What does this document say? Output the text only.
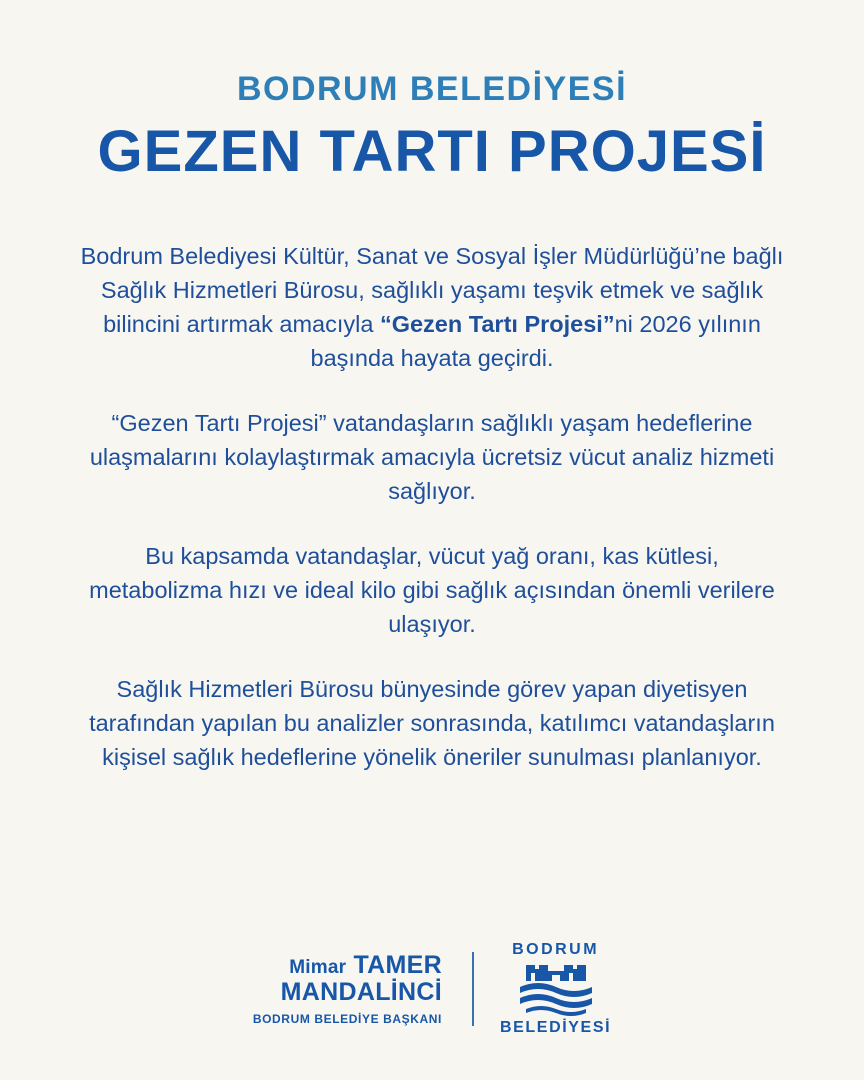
BODRUM BELEDİYESİ
GEZEN TARTI PROJESİ

Bodrum Belediyesi Kültür, Sanat ve Sosyal İşler Müdürlüğü’ne bağlı Sağlık Hizmetleri Bürosu, sağlıklı yaşamı teşvik etmek ve sağlık bilincini artırmak amacıyla “Gezen Tartı Projesi”ni 2026 yılının başında hayata geçirdi.

“Gezen Tartı Projesi” vatandaşların sağlıklı yaşam hedeflerine ulaşmalarını kolaylaştırmak amacıyla ücretsiz vücut analiz hizmeti sağlıyor.

Bu kapsamda vatandaşlar, vücut yağ oranı, kas kütlesi, metabolizma hızı ve ideal kilo gibi sağlık açısından önemli verilere ulaşıyor.

Sağlık Hizmetleri Bürosu bünyesinde görev yapan diyetisyen tarafından yapılan bu analizler sonrasında, katılımcı vatandaşların kişisel sağlık hedeflerine yönelik öneriler sunulması planlanıyor.

Mimar TAMER
MANDALİNCİ
BODRUM BELEDİYE BAŞKANI
BODRUM
BELEDİYESİ
